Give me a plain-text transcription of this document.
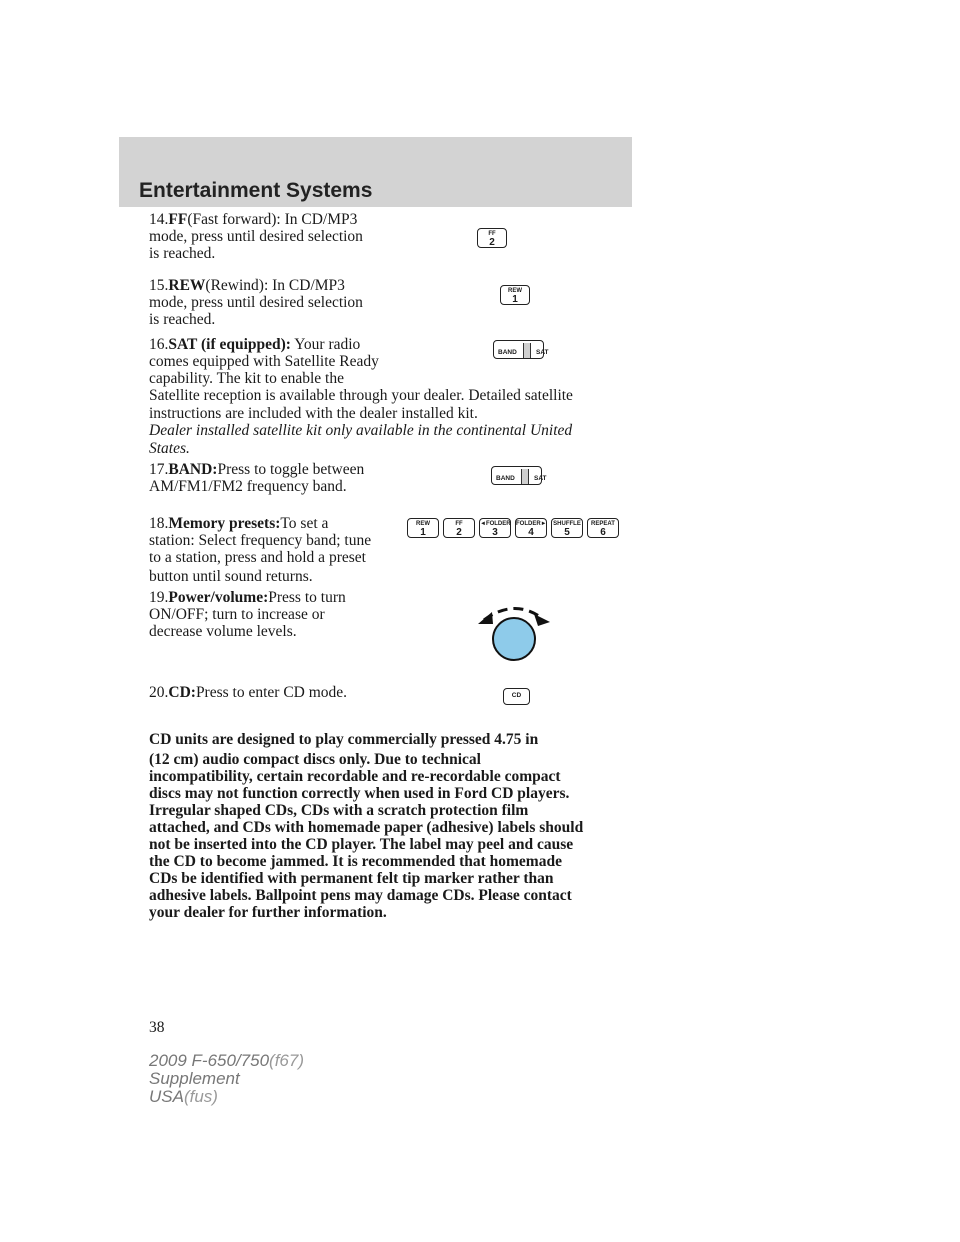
Entertainment Systems
14.FF(Fast forward): In CD/MP3
mode, press until desired selection
is reached.
FF
2
15.REW(Rewind): In CD/MP3
mode, press until desired selection
is reached.
REW
1
16.SAT (if equipped): Your radio
comes equipped with Satellite Ready
capability. The kit to enable the
BAND	SAT
Satellite reception is available through your dealer. Detailed satellite
instructions are included with the dealer installed kit.
Dealer installed satellite kit only available in the continental United
States.
17.BAND:Press to toggle between
AM/FM1/FM2 frequency band.	BAND	SAT
18.Memory presets:To set a
station: Select frequency band; tune
to a station, press and hold a preset
button until sound returns.
REW
1
FF
2
◄FOLDER
3
FOLDER►
4
SHUFFLE
5
REPEAT
6
19.Power/volume:Press to turn
ON/OFF; turn to increase or
decrease volume levels.
20.CD:Press to enter CD mode.	CD
CD units are designed to play commercially pressed 4.75 in
(12 cm) audio compact discs only. Due to technical
incompatibility, certain recordable and re-recordable compact
discs may not function correctly when used in Ford CD players.
Irregular shaped CDs, CDs with a scratch protection film
attached, and CDs with homemade paper (adhesive) labels should
not be inserted into the CD player. The label may peel and cause
the CD to become jammed. It is recommended that homemade
CDs be identified with permanent felt tip marker rather than
adhesive labels. Ballpoint pens may damage CDs. Please contact
your dealer for further information.
38
2009 F-650/750(f67)
Supplement
USA(fus)
